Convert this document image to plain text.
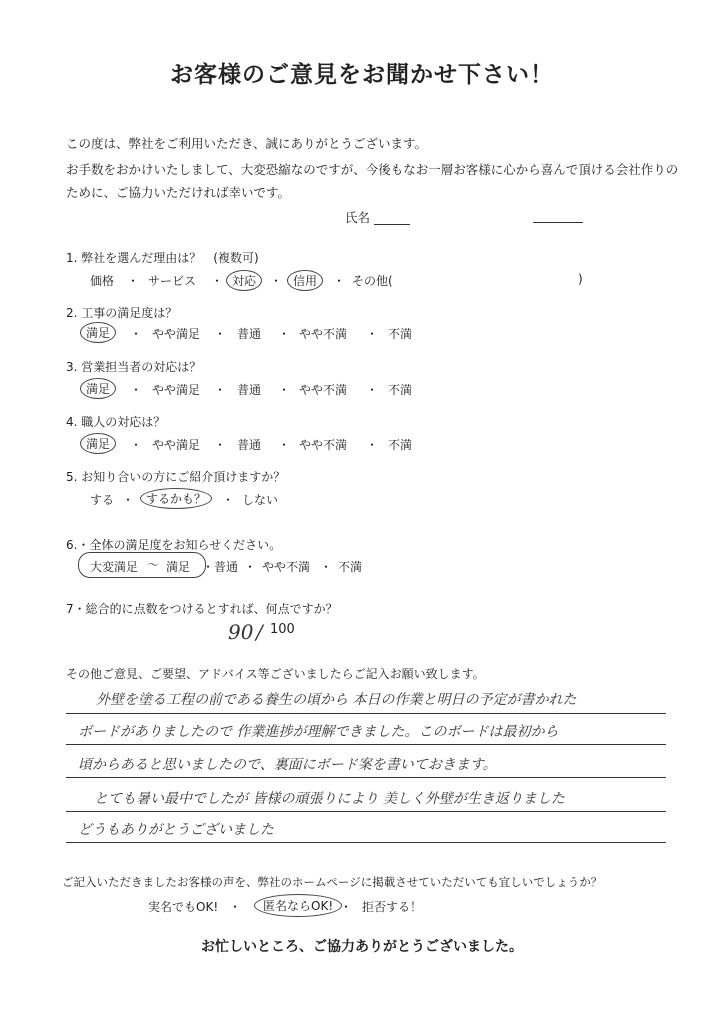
お客様のご意見をお聞かせ下さい！
この度は、弊社をご利用いただき、誠にありがとうございます。
お手数をおかけいたしまして、大変恐縮なのですが、今後もなお一層お客様に心から喜んで頂ける会社作りの
ために、ご協力いただければ幸いです。
氏名
1. 弊社を選んだ理由は？　(複数可)
価格 ・ サービス ・ 対応	・ 信用	・ その他(	)
2. 工事の満足度は？
満足	・ やや満足 ・ 普通 ・ やや不満 ・ 不満
3. 営業担当者の対応は？
満足	・ やや満足 ・ 普通 ・ やや不満 ・ 不満
4. 職人の対応は？
満足	・ やや満足 ・ 普通 ・ やや不満 ・ 不満
5. お知り合いの方にご紹介頂けますか？
する ・ するかも？	・ しない
6.・全体の満足度をお知らせください。
大変満足 〜 満足 ・ 普通 ・ やや不満 ・ 不満
7・総合的に点数をつけるとすれば、何点ですか？
90 / 100
その他ご意見、ご要望、アドバイス等ございましたらご記入お願い致します。
外壁を塗る工程の前である養生の頃から 本日の作業と明日の予定が書かれた
ボードがありましたので 作業進捗が理解できました。このボードは最初から
頃からあると思いましたので、裏面にボード案を書いておきます。
とても暑い最中でしたが 皆様の頑張りにより 美しく外壁が生き返りました
どうもありがとうございました
ご記入いただきましたお客様の声を、弊社のホームページに掲載させていただいても宜しいでしょうか？
実名でもOK! ・	匿名ならOK! ・ 拒否する！
お忙しいところ、ご協力ありがとうございました。
